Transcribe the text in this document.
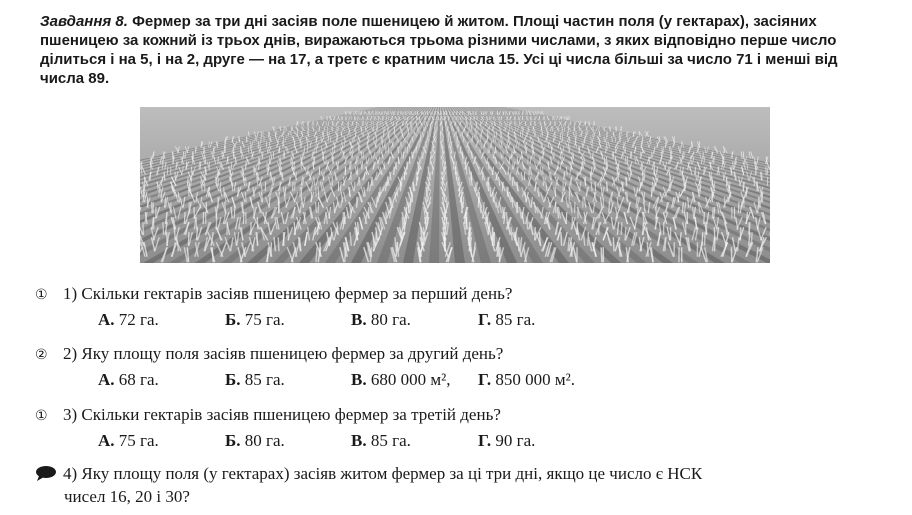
Завдання 8. Фермер за три дні засіяв поле пшеницею й житом. Площі частин поля (у гектарах), засіяних пшеницею за кожний із трьох днів, виражаються трьома різними числами, з яких відповідно перше число ділиться і на 5, і на 2, друге — на 17, а третє є кратним числа 15. Усі ці числа більші за число 71 і менші від числа 89.
① 1) Скільки гектарів засіяв пшеницею фермер за перший день?
А. 72 га.	Б. 75 га.	В. 80 га.	Г. 85 га.
② 2) Яку площу поля засіяв пшеницею фермер за другий день?
А. 68 га.	Б. 85 га.	В. 680 000 м², Г. 850 000 м².
① 3) Скільки гектарів засіяв пшеницею фермер за третій день?
А. 75 га.	Б. 80 га.	В. 85 га.	Г. 90 га.
4) Яку площу поля (у гектарах) засіяв житом фермер за ці три дні, якщо це число є НСК
чисел 16, 20 і 30?
